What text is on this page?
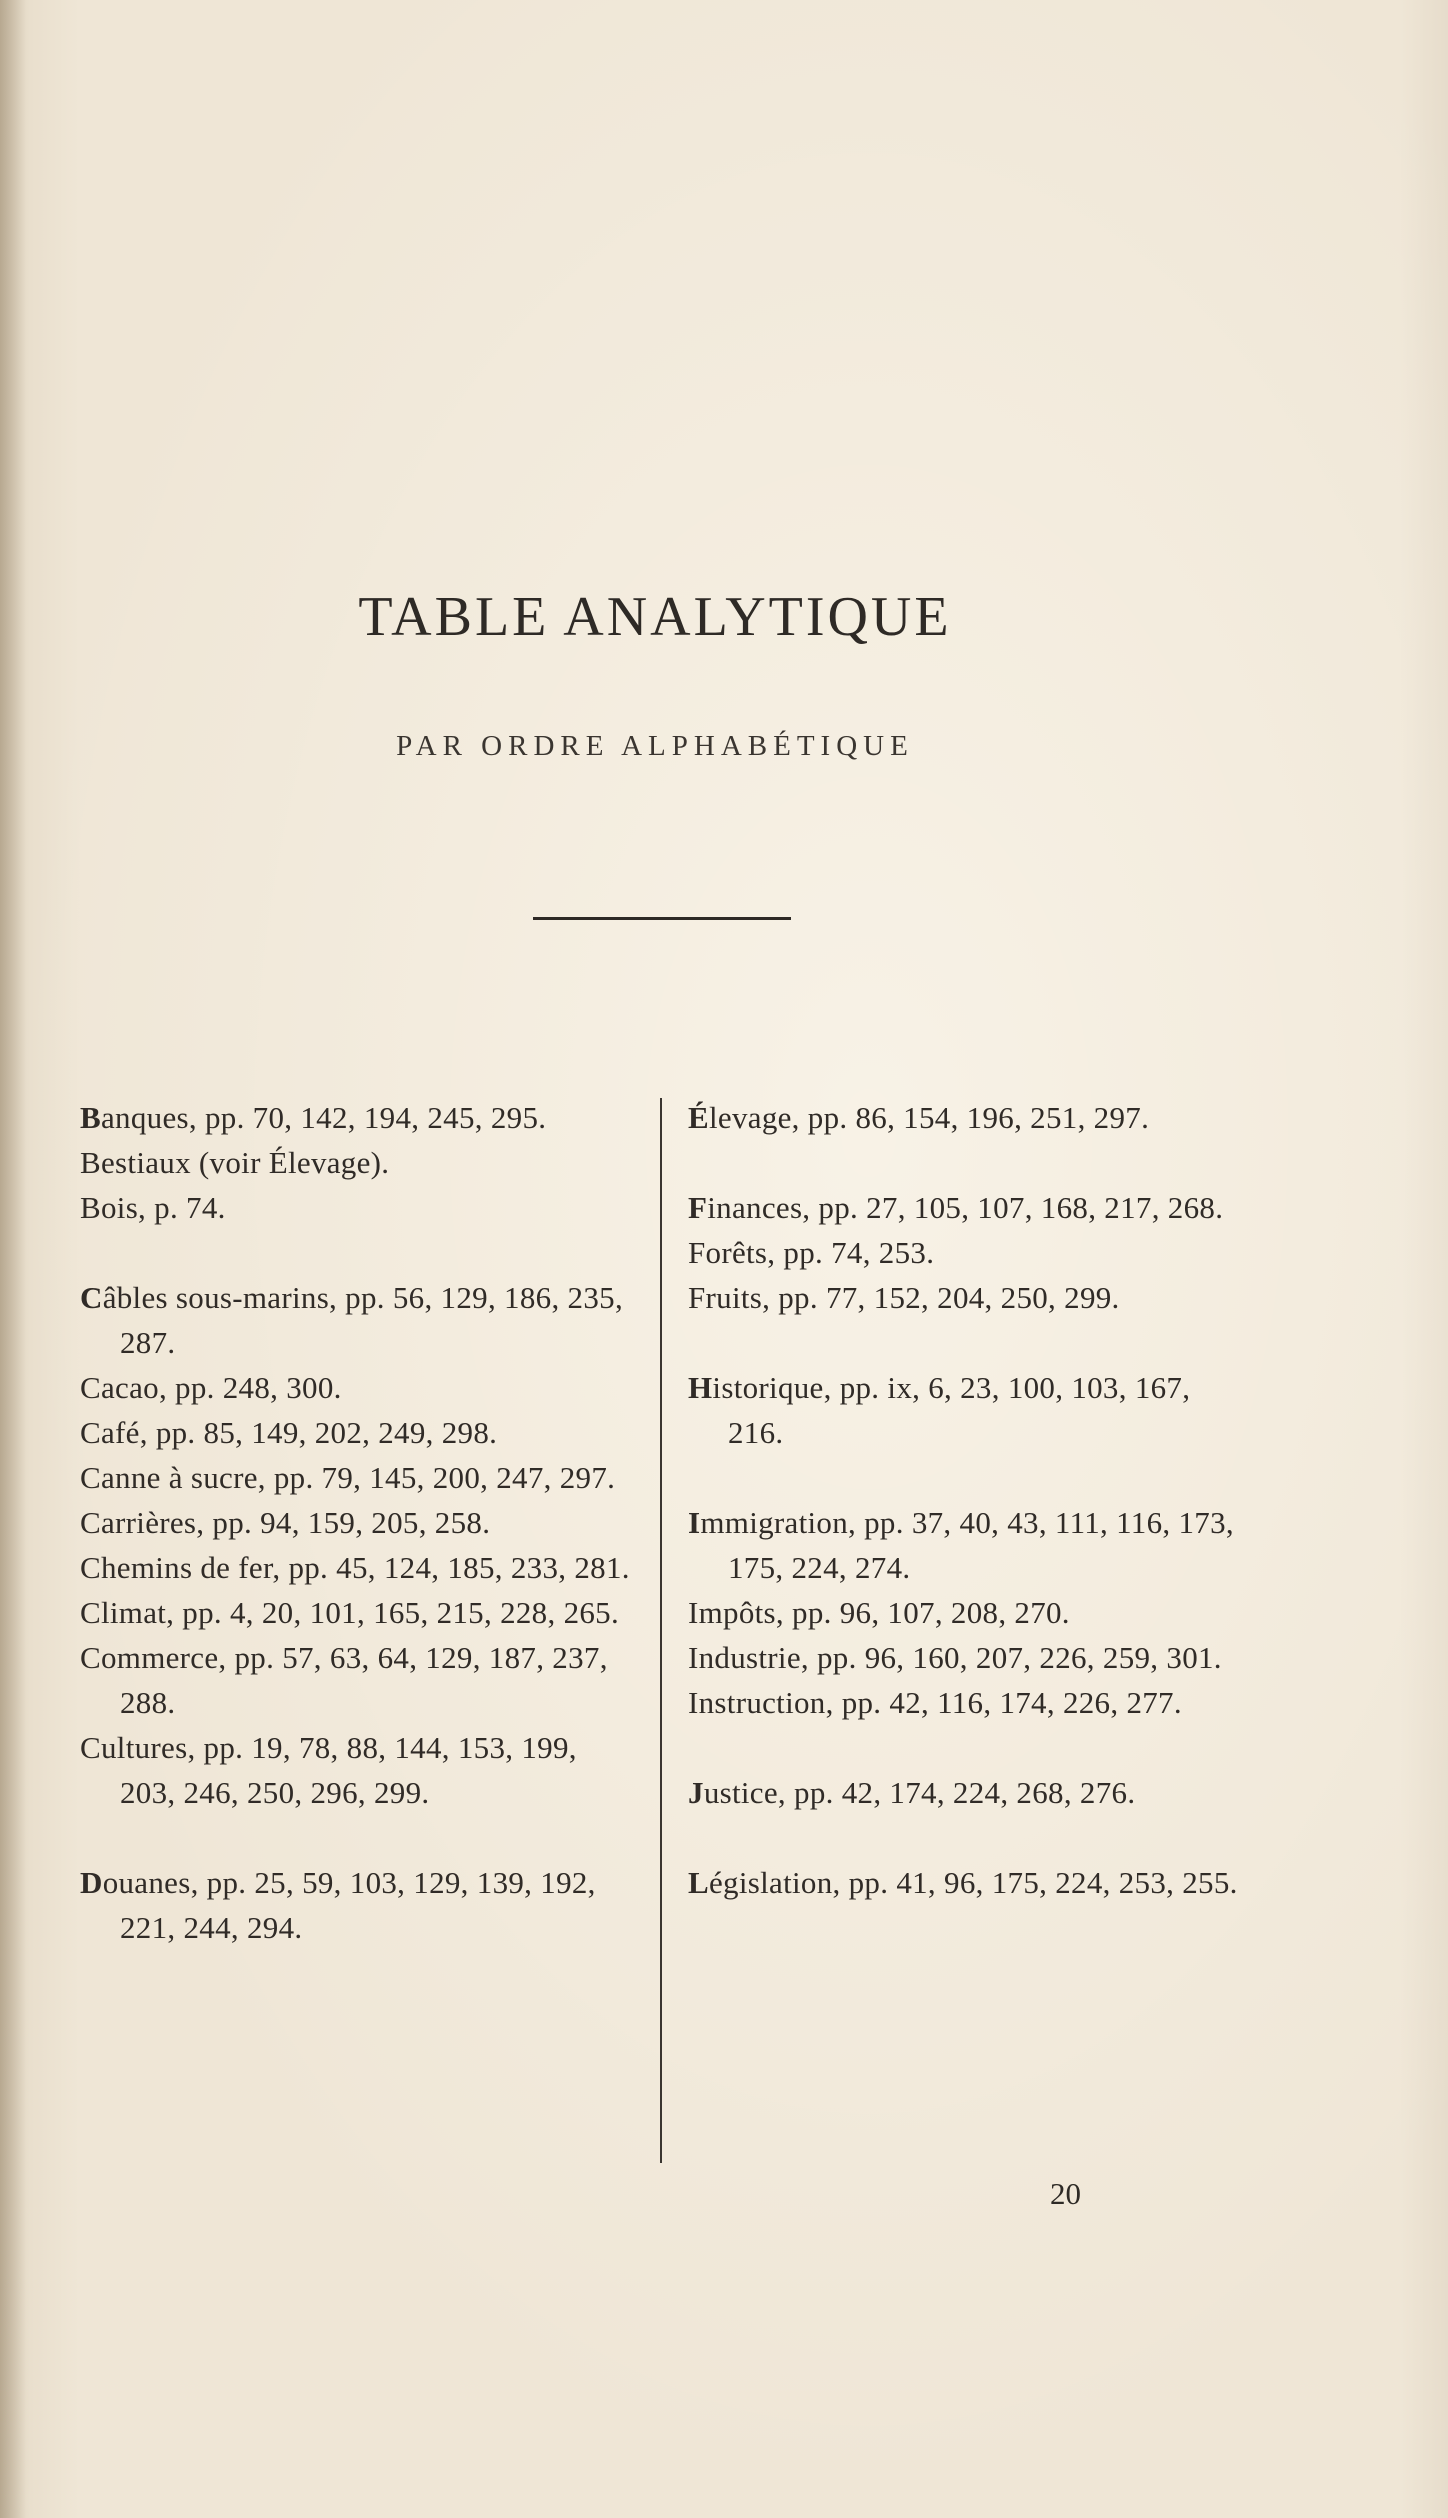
TABLE ANALYTIQUE

PAR ORDRE ALPHABÉTIQUE

Banques, pp. 70, 142, 194, 245, 295.

Bestiaux (voir Élevage).

Bois, p. 74.

Câbles sous-marins, pp. 56, 129, 186, 235, 287.

Cacao, pp. 248, 300.

Café, pp. 85, 149, 202, 249, 298.

Canne à sucre, pp. 79, 145, 200, 247, 297.

Carrières, pp. 94, 159, 205, 258.

Chemins de fer, pp. 45, 124, 185, 233, 281.

Climat, pp. 4, 20, 101, 165, 215, 228, 265.

Commerce, pp. 57, 63, 64, 129, 187, 237, 288.

Cultures, pp. 19, 78, 88, 144, 153, 199, 203, 246, 250, 296, 299.

Douanes, pp. 25, 59, 103, 129, 139, 192, 221, 244, 294.

Élevage, pp. 86, 154, 196, 251, 297.

Finances, pp. 27, 105, 107, 168, 217, 268.

Forêts, pp. 74, 253.

Fruits, pp. 77, 152, 204, 250, 299.

Historique, pp. ix, 6, 23, 100, 103, 167, 216.

Immigration, pp. 37, 40, 43, 111, 116, 173, 175, 224, 274.

Impôts, pp. 96, 107, 208, 270.

Industrie, pp. 96, 160, 207, 226, 259, 301.

Instruction, pp. 42, 116, 174, 226, 277.

Justice, pp. 42, 174, 224, 268, 276.

Législation, pp. 41, 96, 175, 224, 253, 255.

20
